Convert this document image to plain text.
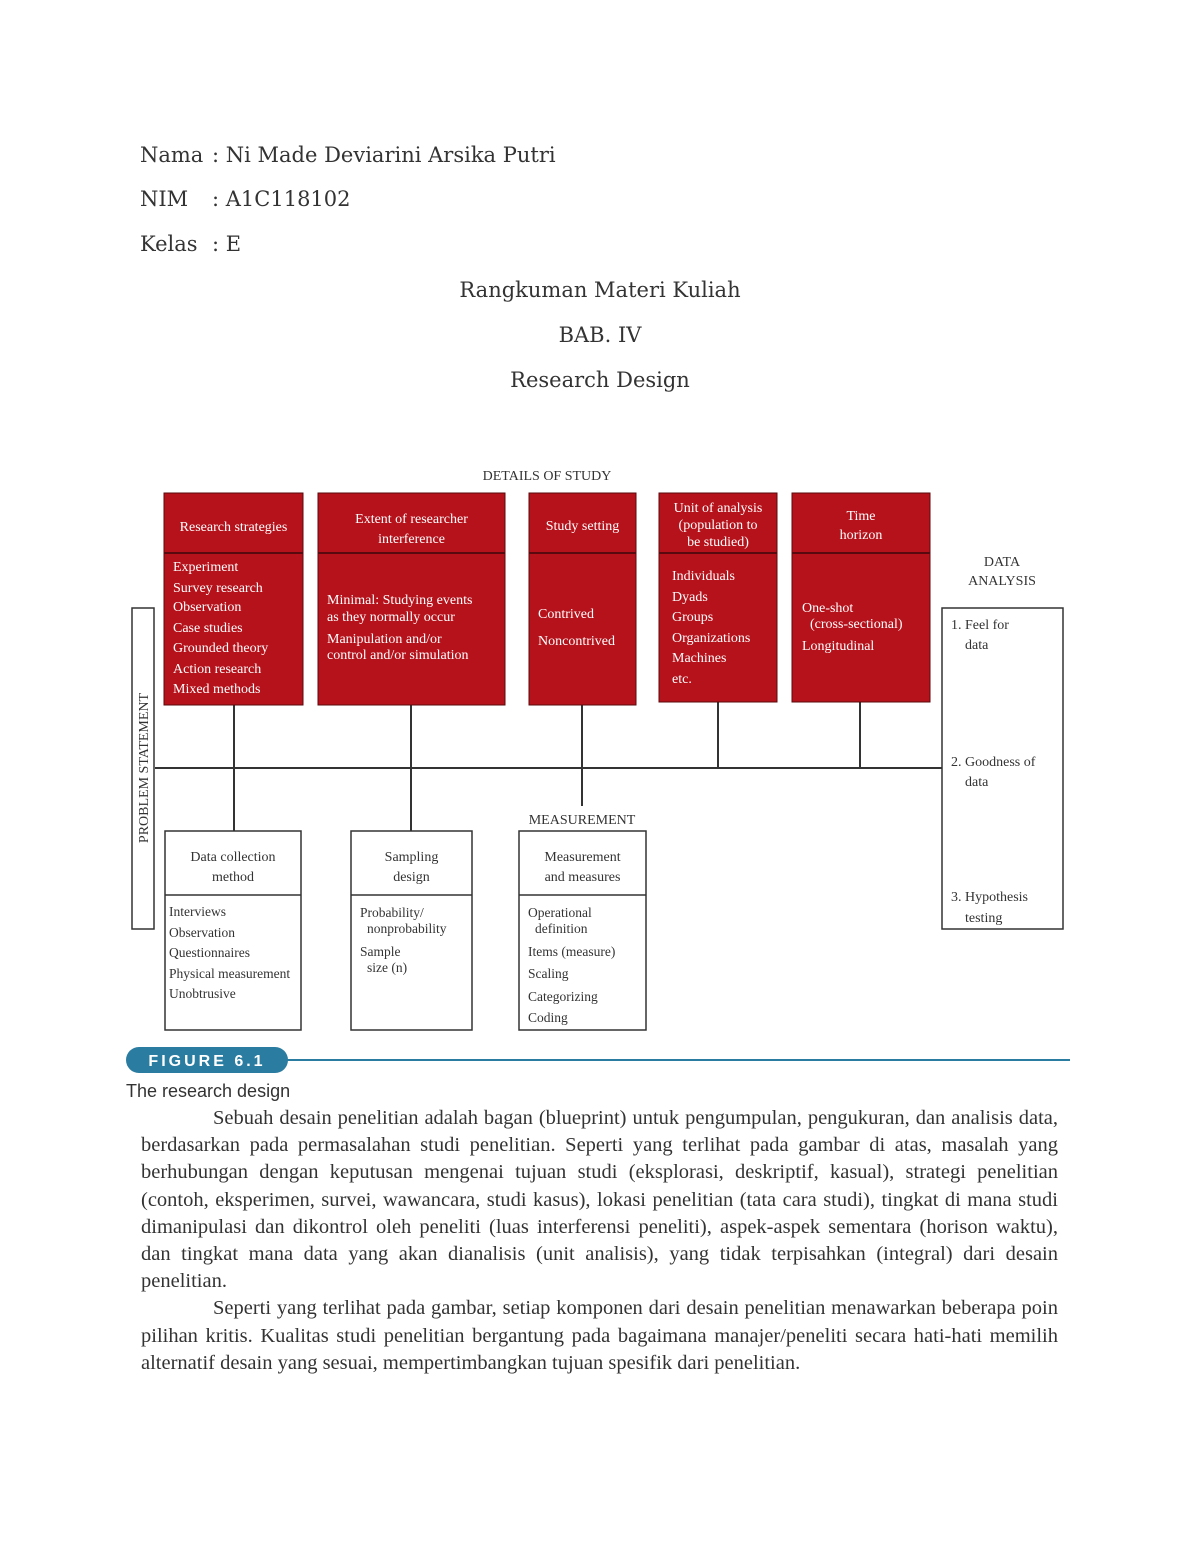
Nama : Ni Made Deviarini Arsika Putri
NIM : A1C118102
Kelas : E
Rangkuman Materi Kuliah
BAB. IV
Research Design
DETAILS OF STUDY
PROBLEM STATEMENT
Research strategies
Experiment
Survey research
Observation
Case studies
Grounded theory
Action research
Mixed methods
Extent of researcher
interference
Minimal: Studying events
as they normally occur
Manipulation and/or
control and/or simulation
Study setting
Contrived
Noncontrived
Unit of analysis
(population to
be studied)
Individuals
Dyads
Groups
Organizations
Machines
etc.
Time
horizon
One-shot
(cross-sectional)
Longitudinal
DATA
ANALYSIS
1. Feel for
data
2. Goodness of
data
3. Hypothesis
testing
MEASUREMENT
Data collection
method
Interviews
Observation
Questionnaires
Physical measurement
Unobtrusive
Sampling
design
Probability/
nonprobability
Sample
size (n)
Measurement
and measures
Operational
definition
Items (measure)
Scaling
Categorizing
Coding
FIGURE 6.1
The research design

Sebuah desain penelitian adalah bagan (blueprint) untuk pengumpulan, pengukuran, dan analisis data, berdasarkan pada permasalahan studi penelitian. Seperti yang terlihat pada gambar di atas, masalah yang berhubungan dengan keputusan mengenai tujuan studi (eksplorasi, deskriptif, kasual), strategi penelitian (contoh, eksperimen, survei, wawancara, studi kasus), lokasi penelitian (tata cara studi), tingkat di mana studi dimanipulasi dan dikontrol oleh peneliti (luas interferensi peneliti), aspek-aspek sementara (horison waktu), dan tingkat mana data yang akan dianalisis (unit analisis), yang tidak terpisahkan (integral) dari desain penelitian.

Seperti yang terlihat pada gambar, setiap komponen dari desain penelitian menawarkan beberapa poin pilihan kritis. Kualitas studi penelitian bergantung pada bagaimana manajer/peneliti secara hati-hati memilih alternatif desain yang sesuai, mempertimbangkan tujuan spesifik dari penelitian.
